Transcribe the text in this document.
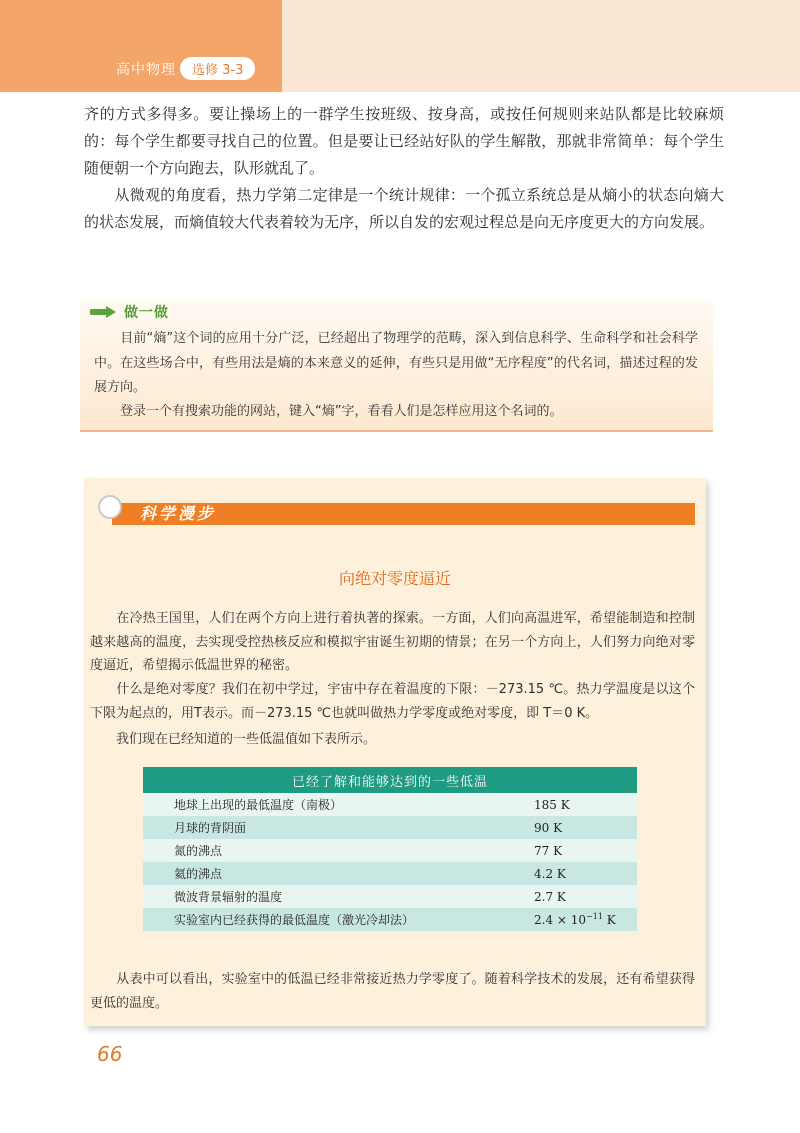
高中物理	选修 3-3

齐的方式多得多。要让操场上的一群学生按班级、按身高，或按任何规则来站队都是比较麻烦的：每个学生都要寻找自己的位置。但是要让已经站好队的学生解散，那就非常简单：每个学生随便朝一个方向跑去，队形就乱了。

　　从微观的角度看，热力学第二定律是一个统计规律：一个孤立系统总是从熵小的状态向熵大的状态发展，而熵值较大代表着较为无序，所以自发的宏观过程总是向无序度更大的方向发展。

做一做

　　目前“熵”这个词的应用十分广泛，已经超出了物理学的范畴，深入到信息科学、生命科学和社会科学中。在这些场合中，有些用法是熵的本来意义的延伸，有些只是用做“无序程度”的代名词，描述过程的发展方向。

　　登录一个有搜索功能的网站，键入“熵”字，看看人们是怎样应用这个名词的。

科学漫步
向绝对零度逼近

　　在冷热王国里，人们在两个方向上进行着执著的探索。一方面，人们向高温进军，希望能制造和控制越来越高的温度，去实现受控热核反应和模拟宇宙诞生初期的情景；在另一个方向上，人们努力向绝对零度逼近，希望揭示低温世界的秘密。

　　什么是绝对零度？我们在初中学过，宇宙中存在着温度的下限：－273.15 ℃。热力学温度是以这个下限为起点的，用T表示。而－273.15 ℃也就叫做热力学零度或绝对零度，即 T＝0 K。

　　我们现在已经知道的一些低温值如下表所示。

已经了解和能够达到的一些低温	
地球上出现的最低温度（南极）	185 K
月球的背阴面	90 K
氮的沸点	77 K
氦的沸点	4.2 K
微波背景辐射的温度	2.7 K
实验室内已经获得的最低温度（激光冷却法）	$2.4 \times 10^{-11}$ K

　　从表中可以看出，实验室中的低温已经非常接近热力学零度了。随着科学技术的发展，还有希望获得更低的温度。

66
